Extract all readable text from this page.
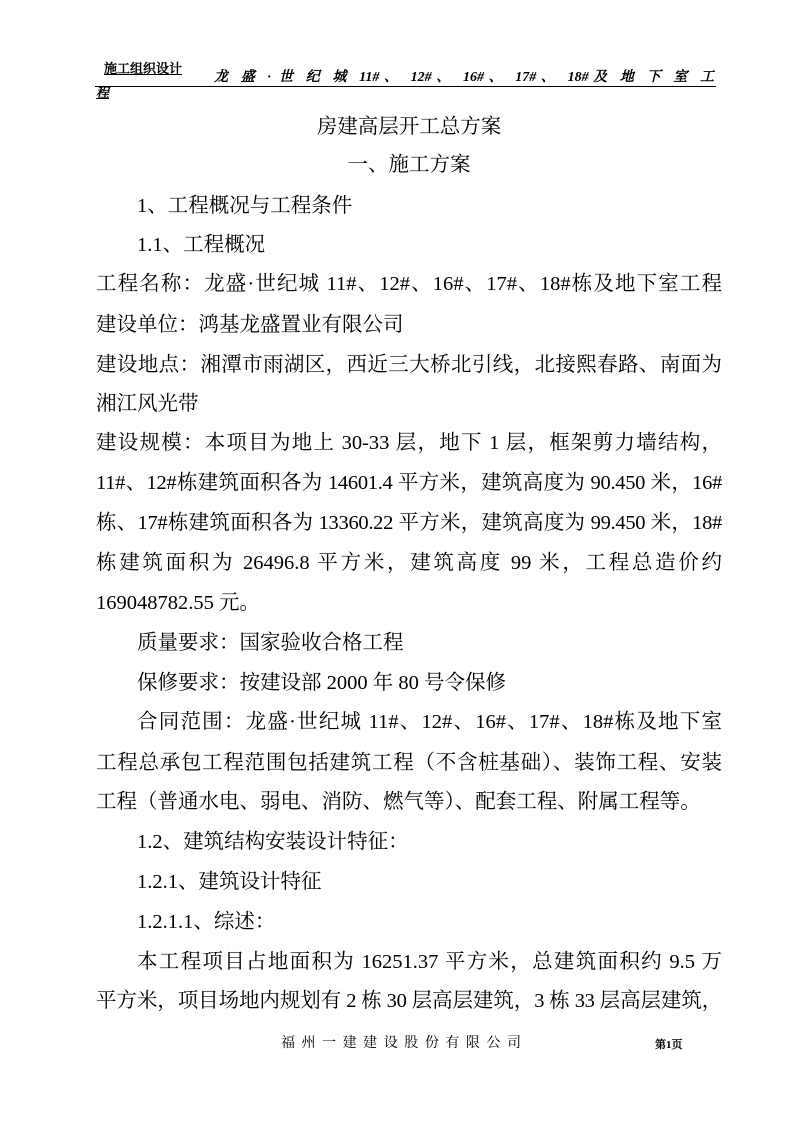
施工组织设计
龙 盛 · 世 纪 城 11#、 12#、 16#、 17#、 18#及 地 下 室 工
程
房建高层开工总方案
一、施工方案
1、工程概况与工程条件
1.1、工程概况
工程名称：龙盛·世纪城 11#、12#、16#、17#、18#栋及地下室工程
建设单位：鸿基龙盛置业有限公司
建设地点：湘潭市雨湖区，西近三大桥北引线，北接熙春路、南面为
湘江风光带
建设规模：本项目为地上 30-33 层，地下 1 层，框架剪力墙结构，
11#、12#栋建筑面积各为 14601.4 平方米，建筑高度为 90.450 米，16#
栋、17#栋建筑面积各为 13360.22 平方米，建筑高度为 99.450 米，18#
栋建筑面积为 26496.8 平方米，建筑高度 99 米，工程总造价约
169048782.55 元。
质量要求：国家验收合格工程
保修要求：按建设部 2000 年 80 号令保修
合同范围：龙盛·世纪城 11#、12#、16#、17#、18#栋及地下室
工程总承包工程范围包括建筑工程（不含桩基础）、装饰工程、安装
工程（普通水电、弱电、消防、燃气等）、配套工程、附属工程等。
1.2、建筑结构安装设计特征：
1.2.1、建筑设计特征
1.2.1.1、综述：
本工程项目占地面积为 16251.37 平方米，总建筑面积约 9.5 万
平方米，项目场地内规划有 2 栋 30 层高层建筑，3 栋 33 层高层建筑，
福 州 一 建 建 设 股 份 有 限 公 司	第1页
